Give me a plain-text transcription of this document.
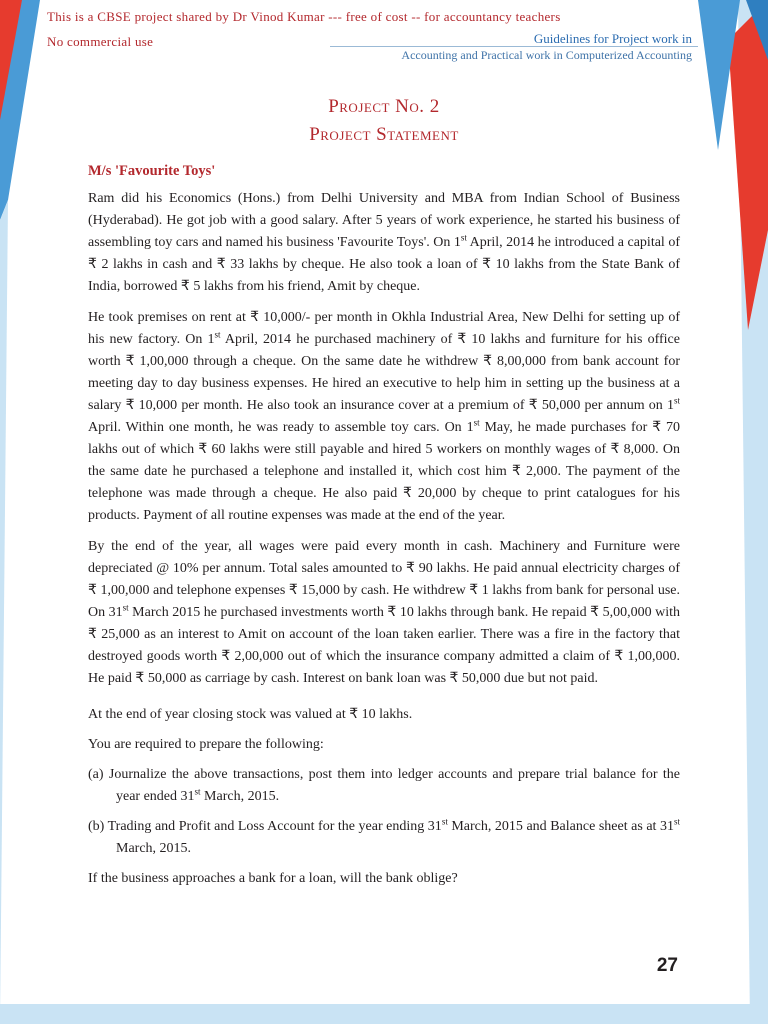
This is a CBSE project shared by Dr Vinod Kumar --- free of cost -- for accountancy teachers
No commercial use	Guidelines for Project work in
Accounting and Practical work in Computerized Accounting
Project No. 2
Project Statement
M/s 'Favourite Toys'

Ram did his Economics (Hons.) from Delhi University and MBA from Indian School of Business (Hyderabad). He got job with a good salary. After 5 years of work experience, he started his business of assembling toy cars and named his business 'Favourite Toys'. On 1st April, 2014 he introduced a capital of ₹ 2 lakhs in cash and ₹ 33 lakhs by cheque. He also took a loan of ₹ 10 lakhs from the State Bank of India, borrowed ₹ 5 lakhs from his friend, Amit by cheque.

He took premises on rent at ₹ 10,000/- per month in Okhla Industrial Area, New Delhi for setting up of his new factory. On 1st April, 2014 he purchased machinery of ₹ 10 lakhs and furniture for his office worth ₹ 1,00,000 through a cheque. On the same date he withdrew ₹ 8,00,000 from bank account for meeting day to day business expenses. He hired an executive to help him in setting up the business at a salary ₹ 10,000 per month. He also took an insurance cover at a premium of ₹ 50,000 per annum on 1st April. Within one month, he was ready to assemble toy cars. On 1st May, he made purchases for ₹ 70 lakhs out of which ₹ 60 lakhs were still payable and hired 5 workers on monthly wages of ₹ 8,000. On the same date he purchased a telephone and installed it, which cost him ₹ 2,000. The payment of the telephone was made through a cheque. He also paid ₹ 20,000 by cheque to print catalogues for his products. Payment of all routine expenses was made at the end of the year.

By the end of the year, all wages were paid every month in cash. Machinery and Furniture were depreciated @ 10% per annum. Total sales amounted to ₹ 90 lakhs. He paid annual electricity charges of ₹ 1,00,000 and telephone expenses ₹ 15,000 by cash. He withdrew ₹ 1 lakhs from bank for personal use. On 31st March 2015 he purchased investments worth ₹ 10 lakhs through bank. He repaid ₹ 5,00,000 with ₹ 25,000 as an interest to Amit on account of the loan taken earlier. There was a fire in the factory that destroyed goods worth ₹ 2,00,000 out of which the insurance company admitted a claim of ₹ 1,00,000. He paid ₹ 50,000 as carriage by cash. Interest on bank loan was ₹ 50,000 due but not paid.

At the end of year closing stock was valued at ₹ 10 lakhs.

You are required to prepare the following:

(a) Journalize the above transactions, post them into ledger accounts and prepare trial balance for the year ended 31st March, 2015.

(b) Trading and Profit and Loss Account for the year ending 31st March, 2015 and Balance sheet as at 31st March, 2015.

If the business approaches a bank for a loan, will the bank oblige?

27
